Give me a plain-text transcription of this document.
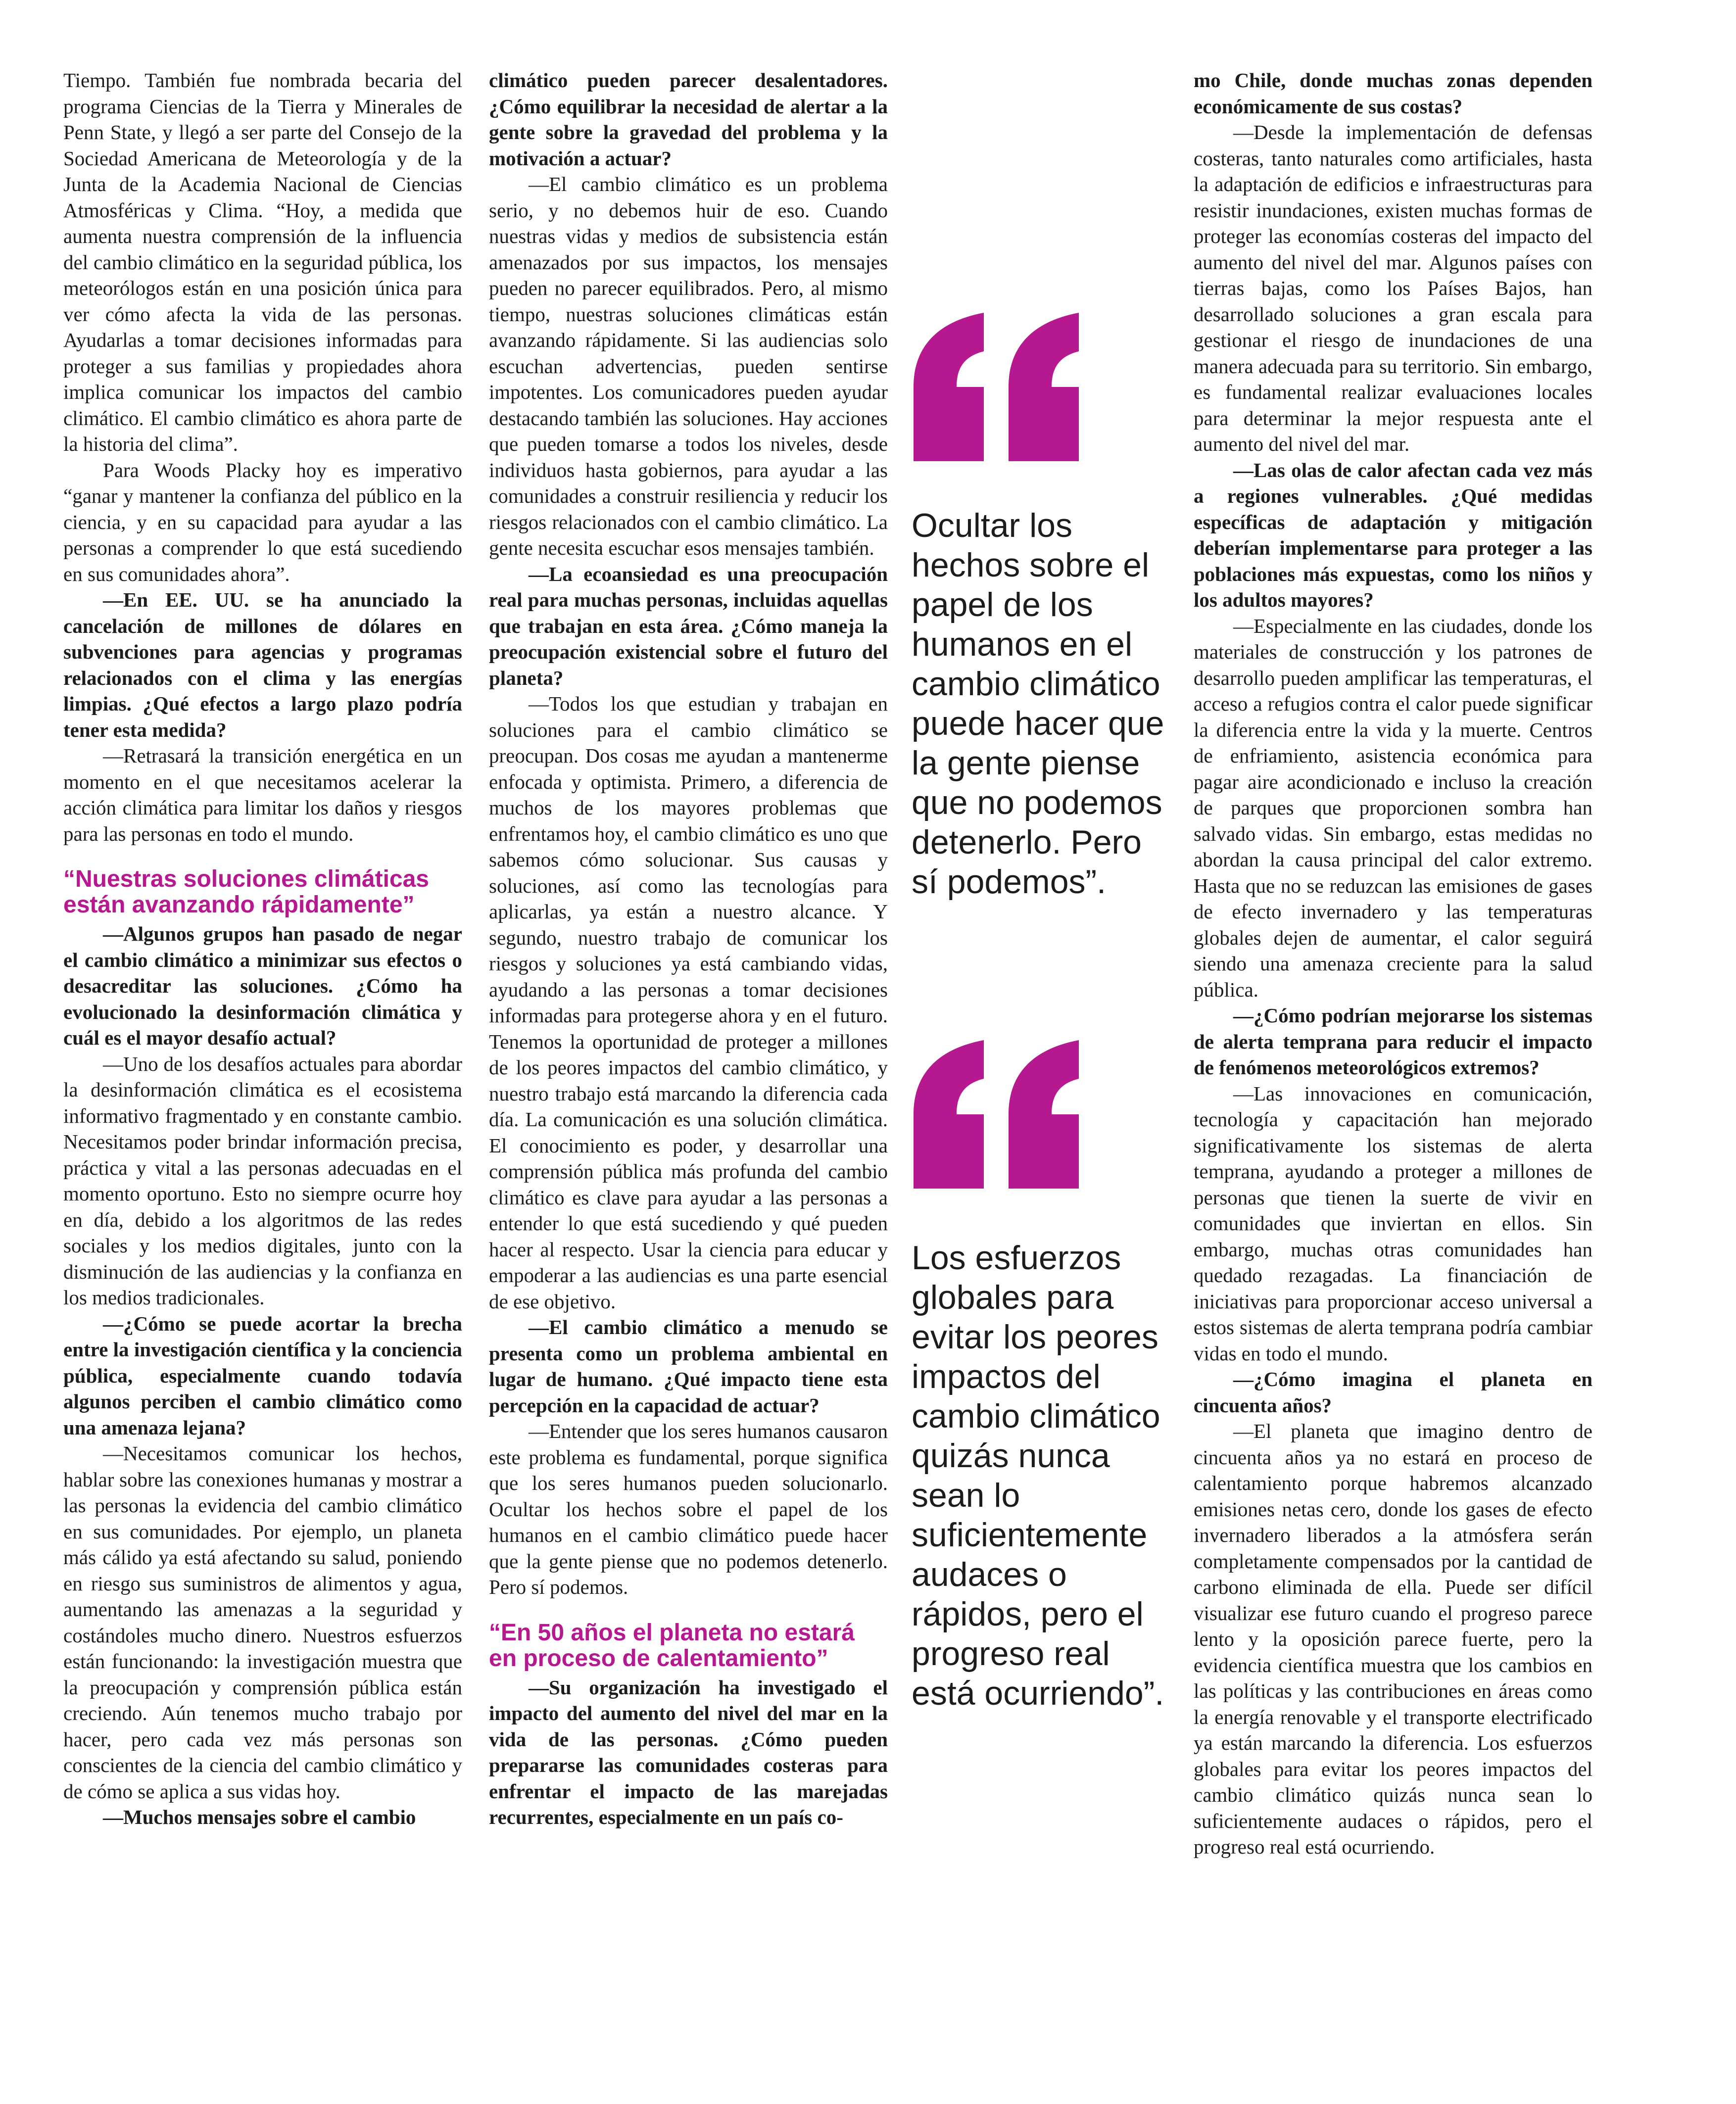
Tiempo. También fue nombrada becaria del programa Ciencias de la Tierra y Minerales de Penn State, y llegó a ser parte del Consejo de la Sociedad Americana de Meteorología y de la Junta de la Academia Nacional de Ciencias Atmosféricas y Clima. “Hoy, a medida que aumenta nuestra comprensión de la influencia del cambio climático en la seguridad pública, los meteorólogos están en una posición única para ver cómo afecta la vida de las personas. Ayudarlas a tomar decisiones informadas para proteger a sus familias y propiedades ahora implica comunicar los impactos del cambio climático. El cambio climático es ahora parte de la historia del clima”.

Para Woods Placky hoy es imperativo “ganar y mantener la confianza del público en la ciencia, y en su capacidad para ayudar a las personas a comprender lo que está sucediendo en sus comunidades ahora”.

—En EE. UU. se ha anunciado la cancelación de millones de dólares en subvenciones para agencias y programas relacionados con el clima y las energías limpias. ¿Qué efectos a largo plazo podría tener esta medida?

—Retrasará la transición energética en un momento en el que necesitamos acelerar la acción climática para limitar los daños y riesgos para las personas en todo el mundo.

“Nuestras soluciones climáticas están avanzando rápidamente”

—Algunos grupos han pasado de negar el cambio climático a minimizar sus efectos o desacreditar las soluciones. ¿Cómo ha evolucionado la desinformación climática y cuál es el mayor desafío actual?

—Uno de los desafíos actuales para abordar la desinformación climática es el ecosistema informativo fragmentado y en constante cambio. Necesitamos poder brindar información precisa, práctica y vital a las personas adecuadas en el momento oportuno. Esto no siempre ocurre hoy en día, debido a los algoritmos de las redes sociales y los medios digitales, junto con la disminución de las audiencias y la confianza en los medios tradicionales.

—¿Cómo se puede acortar la brecha entre la investigación científica y la conciencia pública, especialmente cuando todavía algunos perciben el cambio climático como una amenaza lejana?

—Necesitamos comunicar los hechos, hablar sobre las conexiones humanas y mostrar a las personas la evidencia del cambio climático en sus comunidades. Por ejemplo, un planeta más cálido ya está afectando su salud, poniendo en riesgo sus suministros de alimentos y agua, aumentando las amenazas a la seguridad y costándoles mucho dinero. Nuestros esfuerzos están funcionando: la investigación muestra que la preocupación y comprensión pública están creciendo. Aún tenemos mucho trabajo por hacer, pero cada vez más personas son conscientes de la ciencia del cambio climático y de cómo se aplica a sus vidas hoy.

—Muchos mensajes sobre el cambio

climático pueden parecer desalentadores. ¿Cómo equilibrar la necesidad de alertar a la gente sobre la gravedad del problema y la motivación a actuar?

—El cambio climático es un problema serio, y no debemos huir de eso. Cuando nuestras vidas y medios de subsistencia están amenazados por sus impactos, los mensajes pueden no parecer equilibrados. Pero, al mismo tiempo, nuestras soluciones climáticas están avanzando rápidamente. Si las audiencias solo escuchan advertencias, pueden sentirse impotentes. Los comunicadores pueden ayudar destacando también las soluciones. Hay acciones que pueden tomarse a todos los niveles, desde individuos hasta gobiernos, para ayudar a las comunidades a construir resiliencia y reducir los riesgos relacionados con el cambio climático. La gente necesita escuchar esos mensajes también.

—La ecoansiedad es una preocupación real para muchas personas, incluidas aquellas que trabajan en esta área. ¿Cómo maneja la preocupación existencial sobre el futuro del planeta?

—Todos los que estudian y trabajan en soluciones para el cambio climático se preocupan. Dos cosas me ayudan a mantenerme enfocada y optimista. Primero, a diferencia de muchos de los mayores problemas que enfrentamos hoy, el cambio climático es uno que sabemos cómo solucionar. Sus causas y soluciones, así como las tecnologías para aplicarlas, ya están a nuestro alcance. Y segundo, nuestro trabajo de comunicar los riesgos y soluciones ya está cambiando vidas, ayudando a las personas a tomar decisiones informadas para protegerse ahora y en el futuro. Tenemos la oportunidad de proteger a millones de los peores impactos del cambio climático, y nuestro trabajo está marcando la diferencia cada día. La comunicación es una solución climática. El conocimiento es poder, y desarrollar una comprensión pública más profunda del cambio climático es clave para ayudar a las personas a entender lo que está sucediendo y qué pueden hacer al respecto. Usar la ciencia para educar y empoderar a las audiencias es una parte esencial de ese objetivo.

—El cambio climático a menudo se presenta como un problema ambiental en lugar de humano. ¿Qué impacto tiene esta percepción en la capacidad de actuar?

—Entender que los seres humanos causaron este problema es fundamental, porque significa que los seres humanos pueden solucionarlo. Ocultar los hechos sobre el papel de los humanos en el cambio climático puede hacer que la gente piense que no podemos detenerlo. Pero sí podemos.

“En 50 años el planeta no estará en proceso de calentamiento”

—Su organización ha investigado el impacto del aumento del nivel del mar en la vida de las personas. ¿Cómo pueden prepararse las comunidades costeras para enfrentar el impacto de las marejadas recurrentes, especialmente en un país co-

Ocultar los hechos sobre el papel de los humanos en el cambio climático puede hacer que la gente piense que no podemos detenerlo. Pero sí podemos”.
Los esfuerzos globales para evitar los peores impactos del cambio climático quizás nunca sean lo suficientemente audaces o rápidos, pero el progreso real está ocurriendo”.

mo Chile, donde muchas zonas dependen económicamente de sus costas?

—Desde la implementación de defensas costeras, tanto naturales como artificiales, hasta la adaptación de edificios e infraestructuras para resistir inundaciones, existen muchas formas de proteger las economías costeras del impacto del aumento del nivel del mar. Algunos países con tierras bajas, como los Países Bajos, han desarrollado soluciones a gran escala para gestionar el riesgo de inundaciones de una manera adecuada para su territorio. Sin embargo, es fundamental realizar evaluaciones locales para determinar la mejor respuesta ante el aumento del nivel del mar.

—Las olas de calor afectan cada vez más a regiones vulnerables. ¿Qué medidas específicas de adaptación y mitigación deberían implementarse para proteger a las poblaciones más expuestas, como los niños y los adultos mayores?

—Especialmente en las ciudades, donde los materiales de construcción y los patrones de desarrollo pueden amplificar las temperaturas, el acceso a refugios contra el calor puede significar la diferencia entre la vida y la muerte. Centros de enfriamiento, asistencia económica para pagar aire acondicionado e incluso la creación de parques que proporcionen sombra han salvado vidas. Sin embargo, estas medidas no abordan la causa principal del calor extremo. Hasta que no se reduzcan las emisiones de gases de efecto invernadero y las temperaturas globales dejen de aumentar, el calor seguirá siendo una amenaza creciente para la salud pública.

—¿Cómo podrían mejorarse los sistemas de alerta temprana para reducir el impacto de fenómenos meteorológicos extremos?

—Las innovaciones en comunicación, tecnología y capacitación han mejorado significativamente los sistemas de alerta temprana, ayudando a proteger a millones de personas que tienen la suerte de vivir en comunidades que inviertan en ellos. Sin embargo, muchas otras comunidades han quedado rezagadas. La financiación de iniciativas para proporcionar acceso universal a estos sistemas de alerta temprana podría cambiar vidas en todo el mundo.

—¿Cómo imagina el planeta en cincuenta años?

—El planeta que imagino dentro de cincuenta años ya no estará en proceso de calentamiento porque habremos alcanzado emisiones netas cero, donde los gases de efecto invernadero liberados a la atmósfera serán completamente compensados por la cantidad de carbono eliminada de ella. Puede ser difícil visualizar ese futuro cuando el progreso parece lento y la oposición parece fuerte, pero la evidencia científica muestra que los cambios en las políticas y las contribuciones en áreas como la energía renovable y el transporte electrificado ya están marcando la diferencia. Los esfuerzos globales para evitar los peores impactos del cambio climático quizás nunca sean lo suficientemente audaces o rápidos, pero el progreso real está ocurriendo.
